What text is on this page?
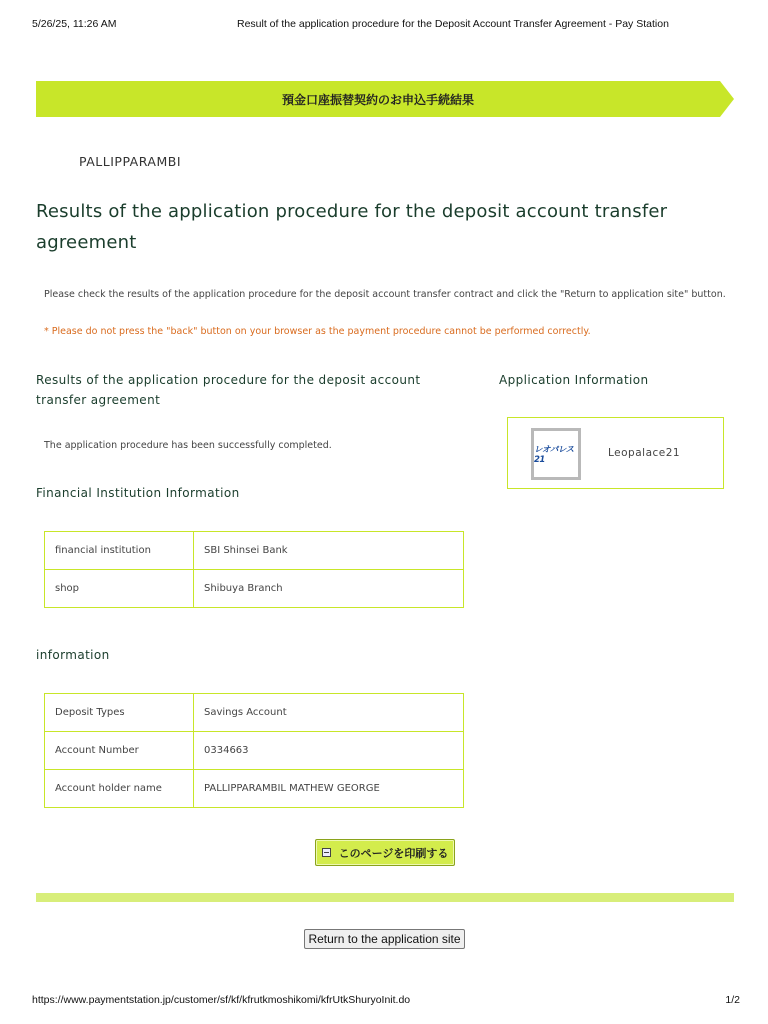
5/26/25, 11:26 AM	Result of the application procedure for the Deposit Account Transfer Agreement - Pay Station
預金口座振替契約のお申込手続結果
PALLIPPARAMBI
Results of the application procedure for the deposit account transfer agreement
Please check the results of the application procedure for the deposit account transfer contract and click the "Return to application site" button.
* Please do not press the "back" button on your browser as the payment procedure cannot be performed correctly.
Results of the application procedure for the deposit account transfer agreement
The application procedure has been successfully completed.
Application Information
レオパレス21
Leopalace21
Financial Institution Information
financial institution	SBI Shinsei Bank
shop	Shibuya Branch
information
Deposit Types	Savings Account
Account Number	0334663
Account holder name	PALLIPPARAMBIL MATHEW GEORGE
このページを印刷する
Return to the application site
https://www.paymentstation.jp/customer/sf/kf/kfrutkmoshikomi/kfrUtkShuryoInit.do	1/2
